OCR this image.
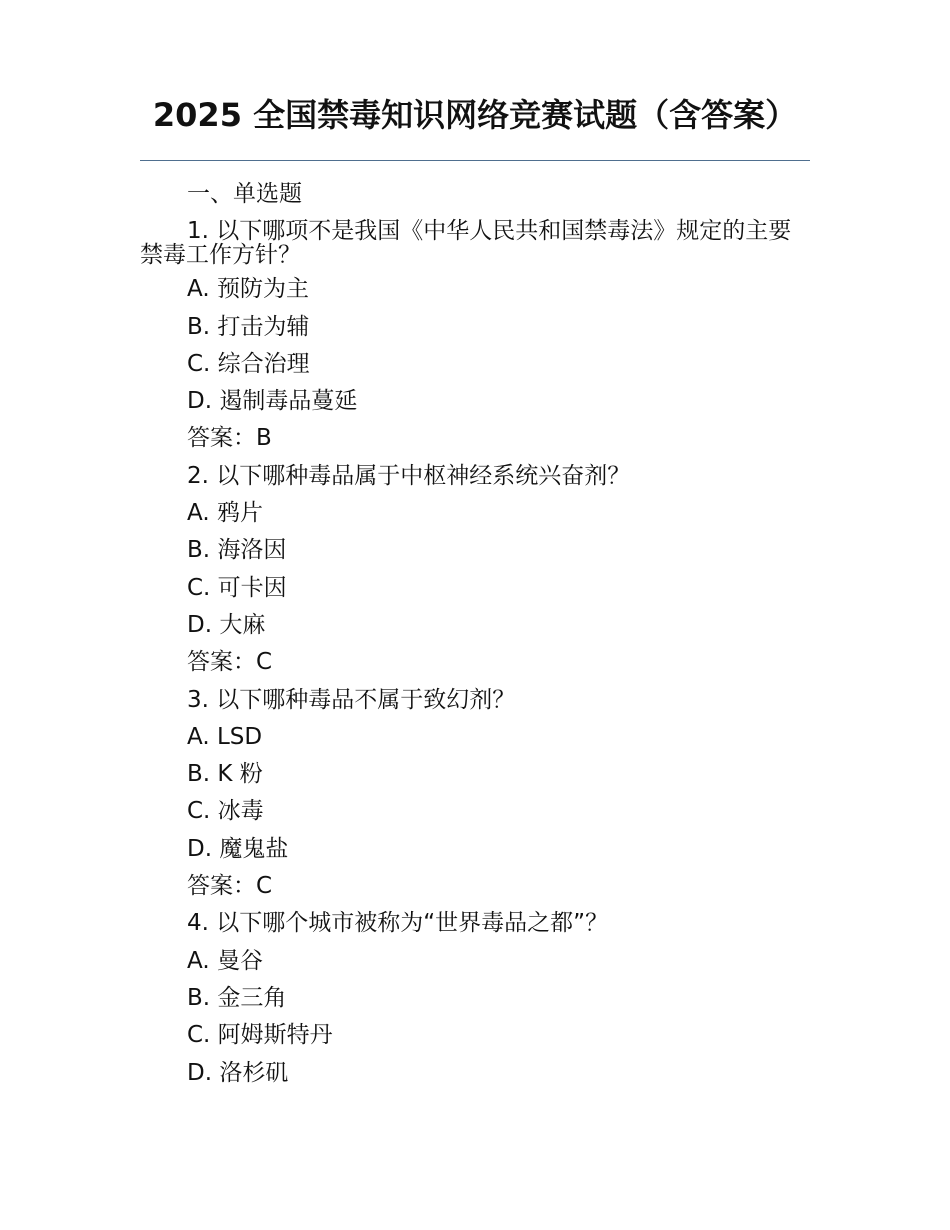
2025 全国禁毒知识网络竞赛试题（含答案）
一、单选题
1. 以下哪项不是我国《中华人民共和国禁毒法》规定的主要禁毒工作方针？
A. 预防为主
B. 打击为辅
C. 综合治理
D. 遏制毒品蔓延
答案：B
2. 以下哪种毒品属于中枢神经系统兴奋剂？
A. 鸦片
B. 海洛因
C. 可卡因
D. 大麻
答案：C
3. 以下哪种毒品不属于致幻剂？
A. LSD
B. K 粉
C. 冰毒
D. 魔鬼盐
答案：C
4. 以下哪个城市被称为“世界毒品之都”？
A. 曼谷
B. 金三角
C. 阿姆斯特丹
D. 洛杉矶
